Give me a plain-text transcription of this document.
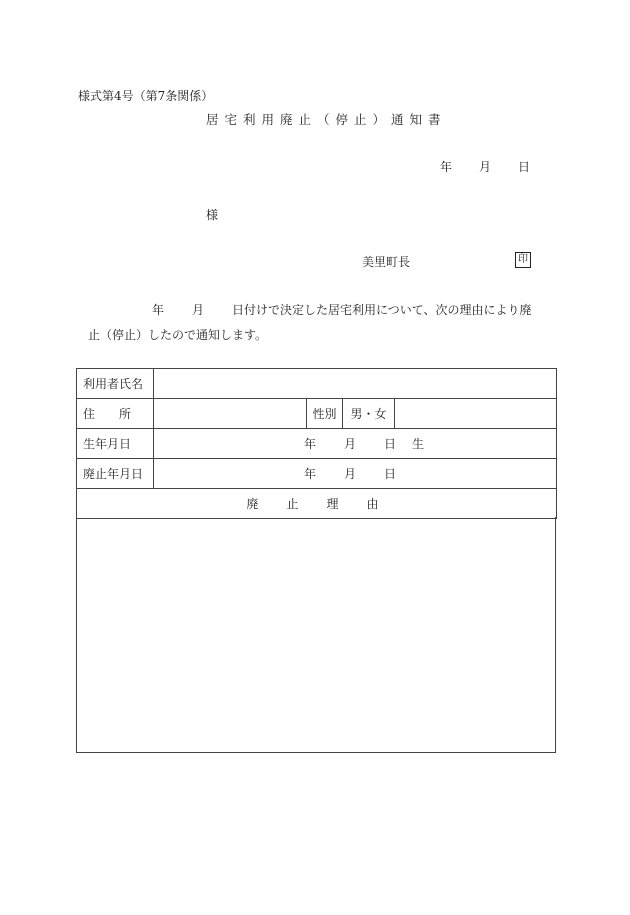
様式第4号（第7条関係）
居宅利用廃止（停止）通知書
年 月 日
様
美里町長	印
年 月 日付けで決定した居宅利用について、次の理由により廃
止（停止）したので通知します。
利用者氏名				
住　　所		性別	男・女	
生年月日	年 月 日 生			

廃止年月日	年 月 日			

廃　止　理　由				
